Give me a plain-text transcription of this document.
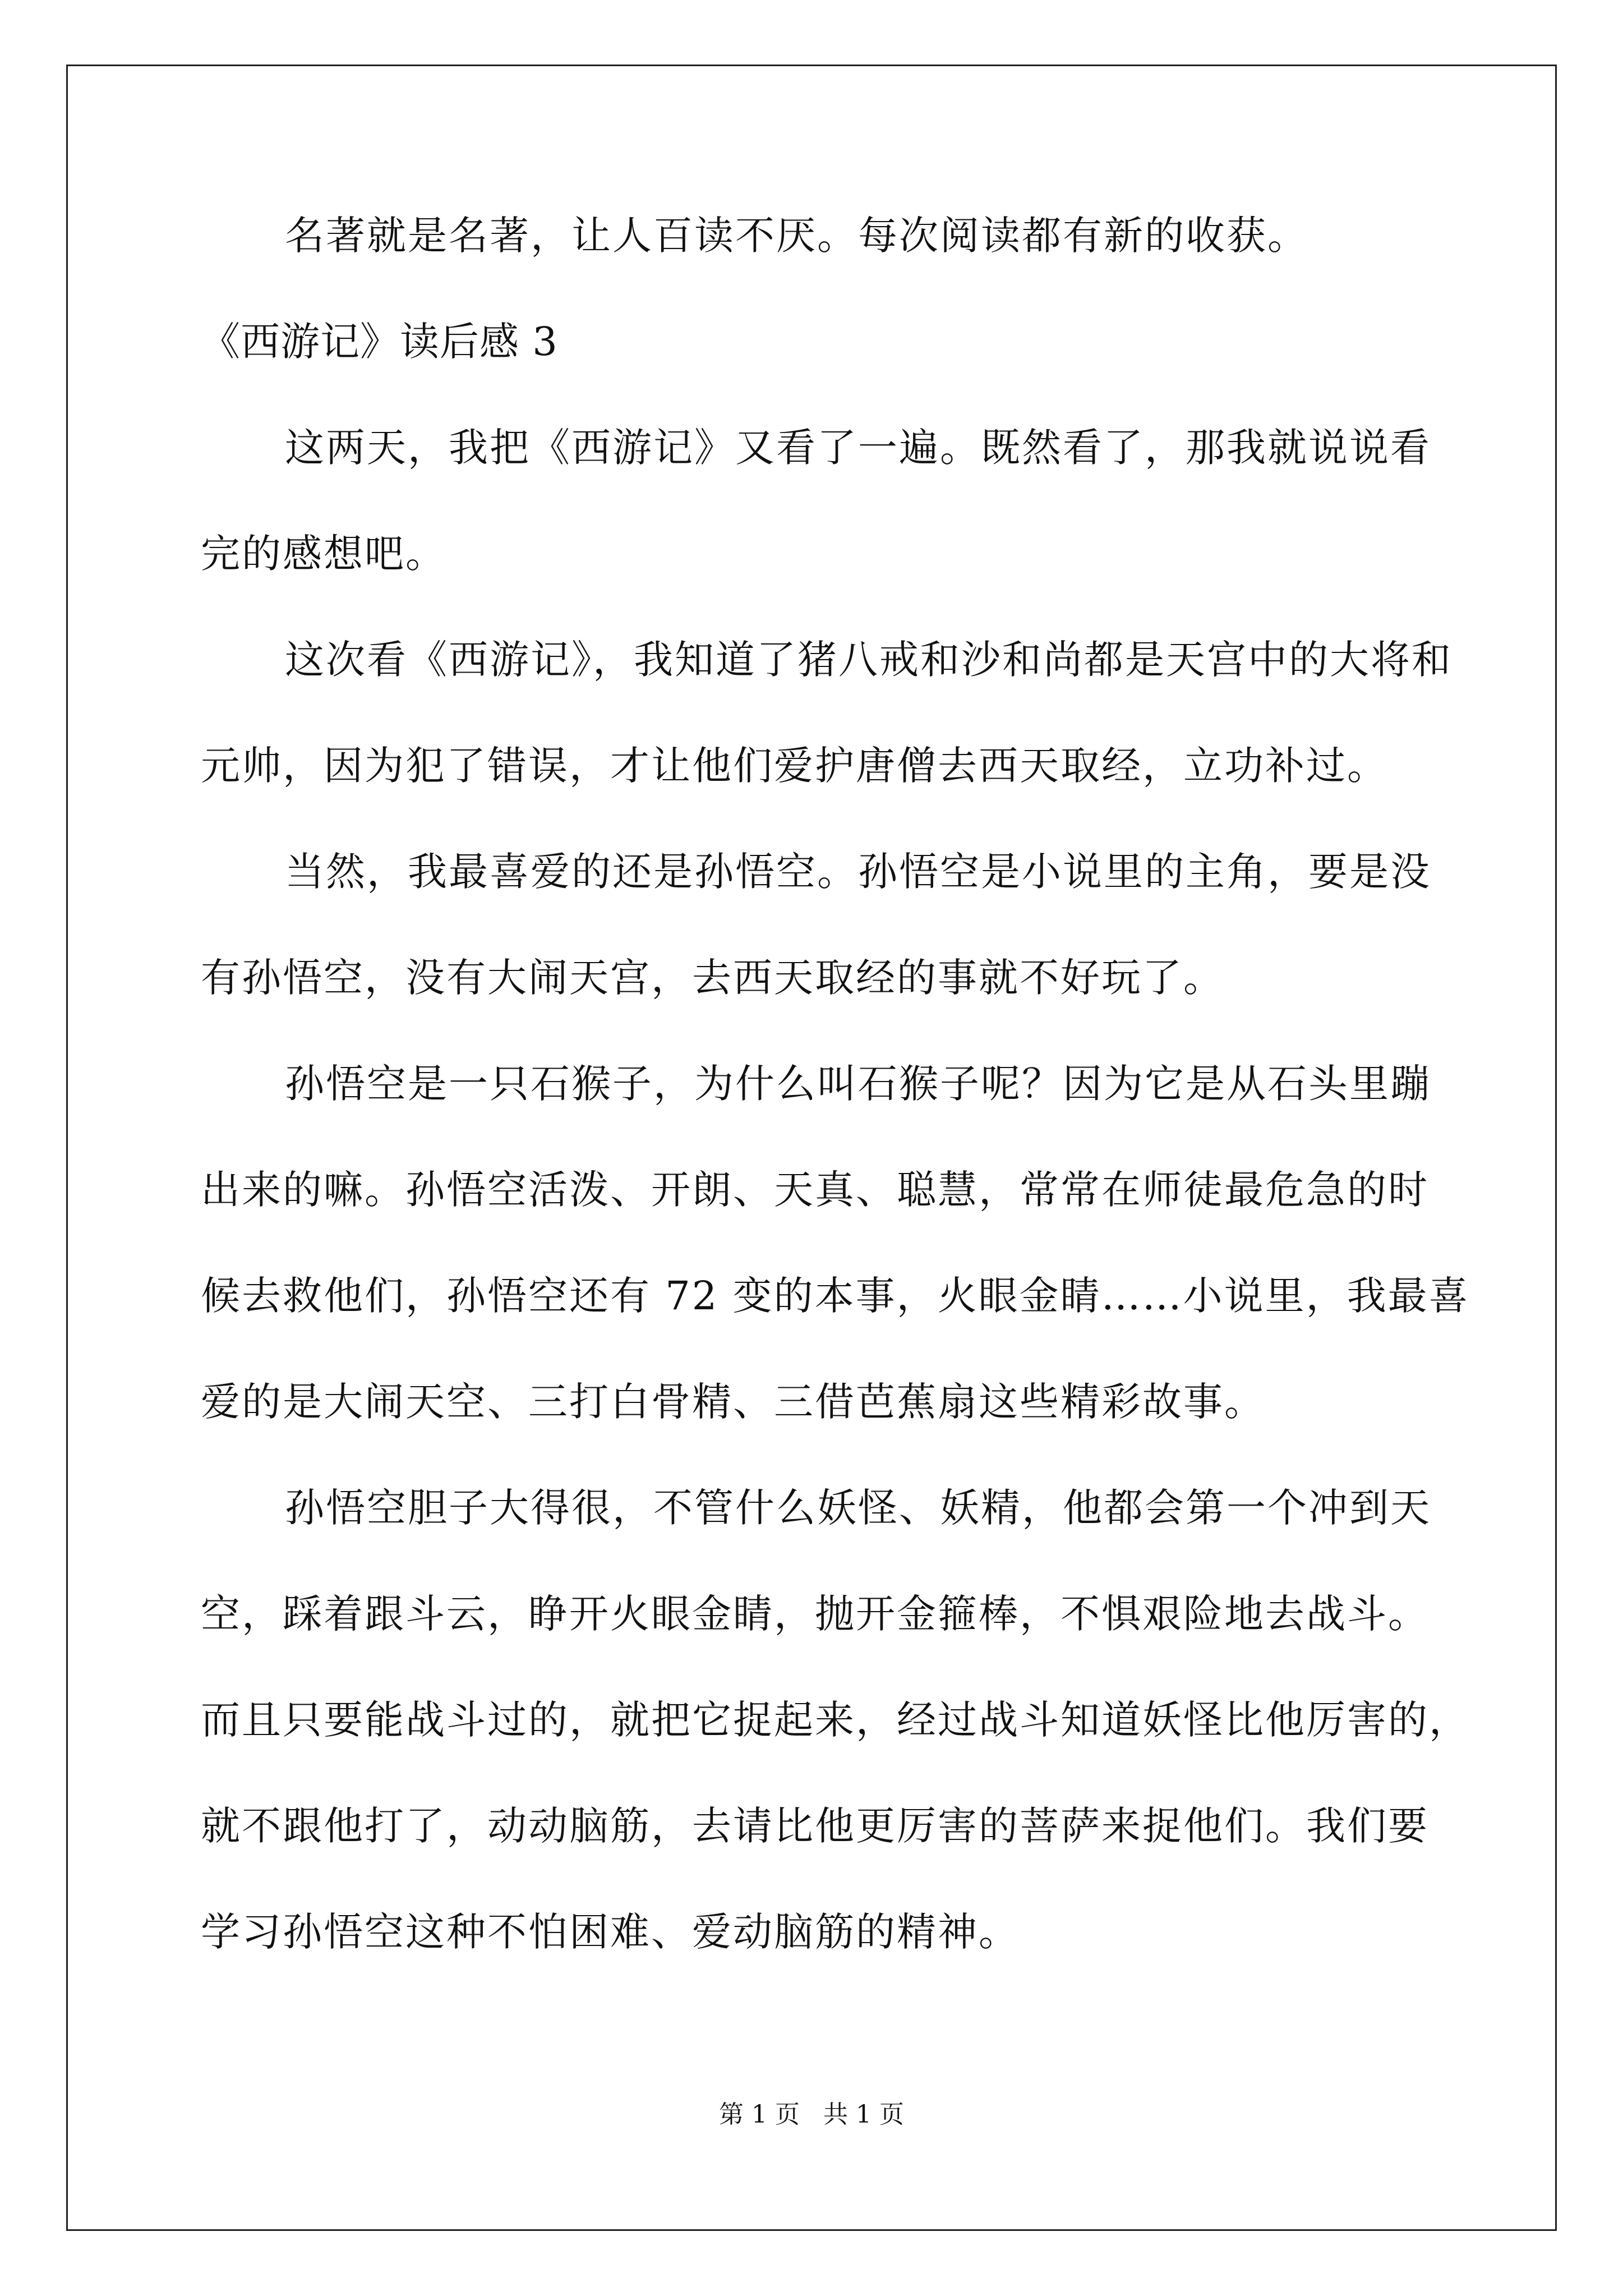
名著就是名著，让人百读不厌。每次阅读都有新的收获。
《西游记》读后感 3
这两天，我把《西游记》又看了一遍。既然看了，那我就说说看
完的感想吧。
这次看《西游记》，我知道了猪八戒和沙和尚都是天宫中的大将和
元帅，因为犯了错误，才让他们爱护唐僧去西天取经，立功补过。
当然，我最喜爱的还是孙悟空。孙悟空是小说里的主角，要是没
有孙悟空，没有大闹天宫，去西天取经的事就不好玩了。
孙悟空是一只石猴子，为什么叫石猴子呢？因为它是从石头里蹦
出来的嘛。孙悟空活泼、开朗、天真、聪慧，常常在师徒最危急的时
候去救他们，孙悟空还有 72 变的本事，火眼金睛……小说里，我最喜
爱的是大闹天空、三打白骨精、三借芭蕉扇这些精彩故事。
孙悟空胆子大得很，不管什么妖怪、妖精，他都会第一个冲到天
空，踩着跟斗云，睁开火眼金睛，抛开金箍棒，不惧艰险地去战斗。
而且只要能战斗过的，就把它捉起来，经过战斗知道妖怪比他厉害的，
就不跟他打了，动动脑筋，去请比他更厉害的菩萨来捉他们。我们要
学习孙悟空这种不怕困难、爱动脑筋的精神。
第 1 页   共 1 页
